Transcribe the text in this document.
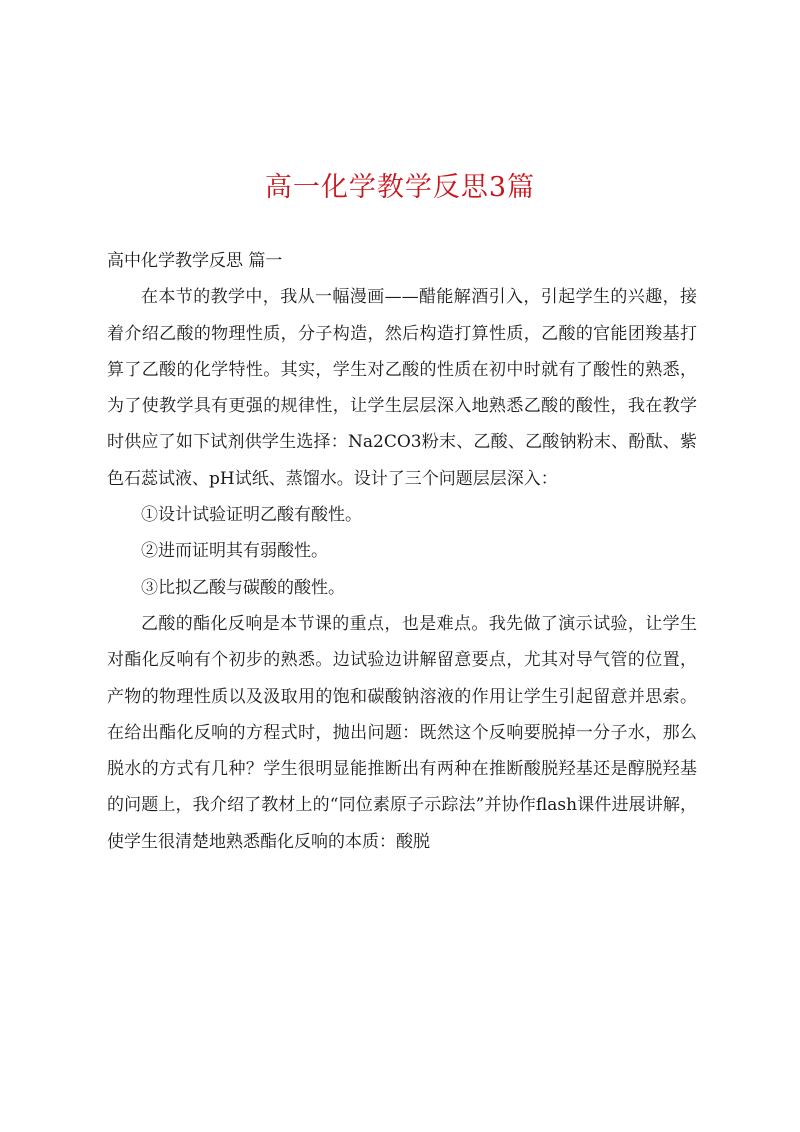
高一化学教学反思3篇

高中化学教学反思 篇一

在本节的教学中，我从一幅漫画——醋能解酒引入，引起学生的兴趣，接着介绍乙酸的物理性质，分子构造，然后构造打算性质，乙酸的官能团羧基打算了乙酸的化学特性。其实，学生对乙酸的性质在初中时就有了酸性的熟悉，为了使教学具有更强的规律性，让学生层层深入地熟悉乙酸的酸性，我在教学时供应了如下试剂供学生选择：Na2CO3粉末、乙酸、乙酸钠粉末、酚酞、紫色石蕊试液、pH试纸、蒸馏水。设计了三个问题层层深入：

①设计试验证明乙酸有酸性。

②进而证明其有弱酸性。

③比拟乙酸与碳酸的酸性。

乙酸的酯化反响是本节课的重点，也是难点。我先做了演示试验，让学生对酯化反响有个初步的熟悉。边试验边讲解留意要点，尤其对导气管的位置，产物的物理性质以及汲取用的饱和碳酸钠溶液的作用让学生引起留意并思索。在给出酯化反响的方程式时，抛出问题：既然这个反响要脱掉一分子水，那么脱水的方式有几种？学生很明显能推断出有两种在推断酸脱羟基还是醇脱羟基的问题上，我介绍了教材上的“同位素原子示踪法”并协作flash课件进展讲解，使学生很清楚地熟悉酯化反响的本质：酸脱
